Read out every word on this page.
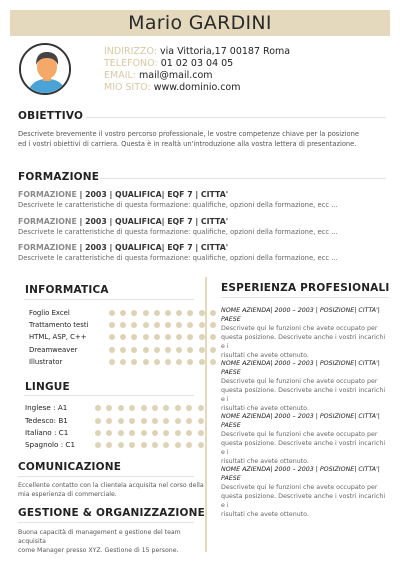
Mario GARDINI
INDIRIZZO: via Vittoria,17 00187 Roma
TELEFONO: 01 02 03 04 05
EMAIL: mail@mail.com
MIO SITO: www.dominio.com
OBIETTIVO
Descrivete brevemente il vostro percorso professionale, le vostre competenze chiave per la posizione
ed i vostri obiettivi di carriera. Questa è in realtà un'introduzione alla vostra lettera di presentazione.
FORMAZIONE
FORMAZIONE | 2003 | QUALIFICA| EQF 7 | CITTA'
Descrivete le caratteristiche di questa formazione: qualifiche, opzioni della formazione, ecc ...
FORMAZIONE | 2003 | QUALIFICA| EQF 7 | CITTA'
Descrivete le caratteristiche di questa formazione: qualifiche, opzioni della formazione, ecc ...
FORMAZIONE | 2003 | QUALIFICA| EQF 7 | CITTA'
Descrivete le caratteristiche di questa formazione: qualifiche, opzioni della formazione, ecc ...
INFORMATICA
Foglio Excel
Trattamento testi
HTML, ASP, C++
Dreamweaver
Illustrator
LINGUE
Inglese : A1
Tedesco: B1
Italiano : C1
Spagnolo : C1
COMUNICAZIONE
Eccellente contatto con la clientela acquisita nel corso della
mia esperienza di commerciale.
GESTIONE & ORGANIZZAZIONE
Buona capacità di management e gestione del team acquisita
come Manager presso XYZ. Gestione di 15 persone.
ESPERIENZA PROFESIONALI
NOME AZIENDA| 2000 – 2003 | POSIZIONE| CITTA'|
PAESE
Descrivete qui le funzioni che avete occupato per
questa posizione. Descrivete anche i vostri incarichi e i
risultati che avete ottenuto.
NOME AZIENDA| 2000 – 2003 | POSIZIONE| CITTA'|
PAESE
Descrivete qui le funzioni che avete occupato per
questa posizione. Descrivete anche i vostri incarichi e i
risultati che avete ottenuto.
NOME AZIENDA| 2000 – 2003 | POSIZIONE| CITTA'|
PAESE
Descrivete qui le funzioni che avete occupato per
questa posizione. Descrivete anche i vostri incarichi e i
risultati che avete ottenuto.
NOME AZIENDA| 2000 – 2003 | POSIZIONE| CITTA'|
PAESE
Descrivete qui le funzioni che avete occupato per
questa posizione. Descrivete anche i vostri incarichi e i
risultati che avete ottenuto.
